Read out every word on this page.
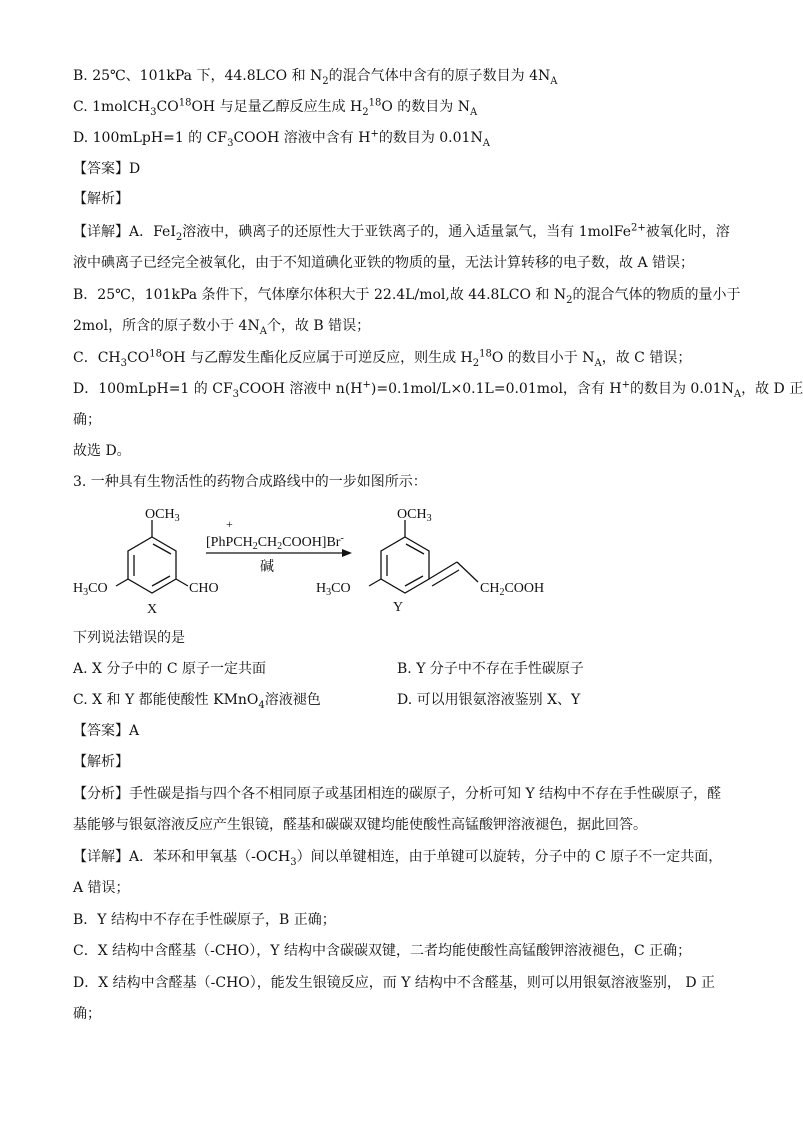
B. 25℃、101kPa 下，44.8LCO 和 $N_2$的混合气体中含有的原子数目为 $4N_A$
C. $1molCH_3CO^{18}OH$ 与足量乙醇反应生成 $H_2^{18}O$ 的数目为 $N_A$
D. 100mLpH=1 的 $CF_3COOH$ 溶液中含有 H+的数目为 $0.01N_A$
【答案】D
【解析】
【详解】A．FeI$_2$溶液中，碘离子的还原性大于亚铁离子的，通入适量氯气，当有 1molFe$^{2+}$被氧化时，溶
液中碘离子已经完全被氧化，由于不知道碘化亚铁的物质的量，无法计算转移的电子数，故 A 错误；
B．25℃，101kPa 条件下，气体摩尔体积大于 22.4L/mol,故 44.8LCO 和 $N_2$的混合气体的物质的量小于
2mol，所含的原子数小于 $4N_A$个，故 B 错误；
C．$CH_3CO^{18}OH$ 与乙醇发生酯化反应属于可逆反应，则生成 $H_2^{18}O$ 的数目小于 $N_A$，故 C 错误；
D．100mLpH=1 的 $CF_3COOH$ 溶液中 n(H+)=0.1mol/L×0.1L=0.01mol，含有 H+的数目为 $0.01N_A$，故 D 正
确；
故选 D。
3. 一种具有生物活性的药物合成路线中的一步如图所示：
$OCH_3$
$H_3CO$	CHO
X
+
$[PhPCH_2CH_2COOH]Br^-$
碱
$OCH_3$
$H_3CO$	$CH_2COOH$
Y
下列说法错误的是
A. X 分子中的 C 原子一定共面	B. Y 分子中不存在手性碳原子
C. X 和 Y 都能使酸性 KMnO$_4$溶液褪色	D. 可以用银氨溶液鉴别 X、Y
【答案】A
【解析】
【分析】手性碳是指与四个各不相同原子或基团相连的碳原子，分析可知 Y 结构中不存在手性碳原子，醛
基能够与银氨溶液反应产生银镜，醛基和碳碳双键均能使酸性高锰酸钾溶液褪色，据此回答。
【详解】A．苯环和甲氧基$(-OCH_3)$间以单键相连，由于单键可以旋转，分子中的 C 原子不一定共面，
A 错误；
B．Y 结构中不存在手性碳原子，B 正确；
C．X 结构中含醛基（-CHO），Y 结构中含碳碳双键，二者均能使酸性高锰酸钾溶液褪色，C 正确；
D．X 结构中含醛基（-CHO），能发生银镜反应，而 Y 结构中不含醛基，则可以用银氨溶液鉴别， D 正
确；
